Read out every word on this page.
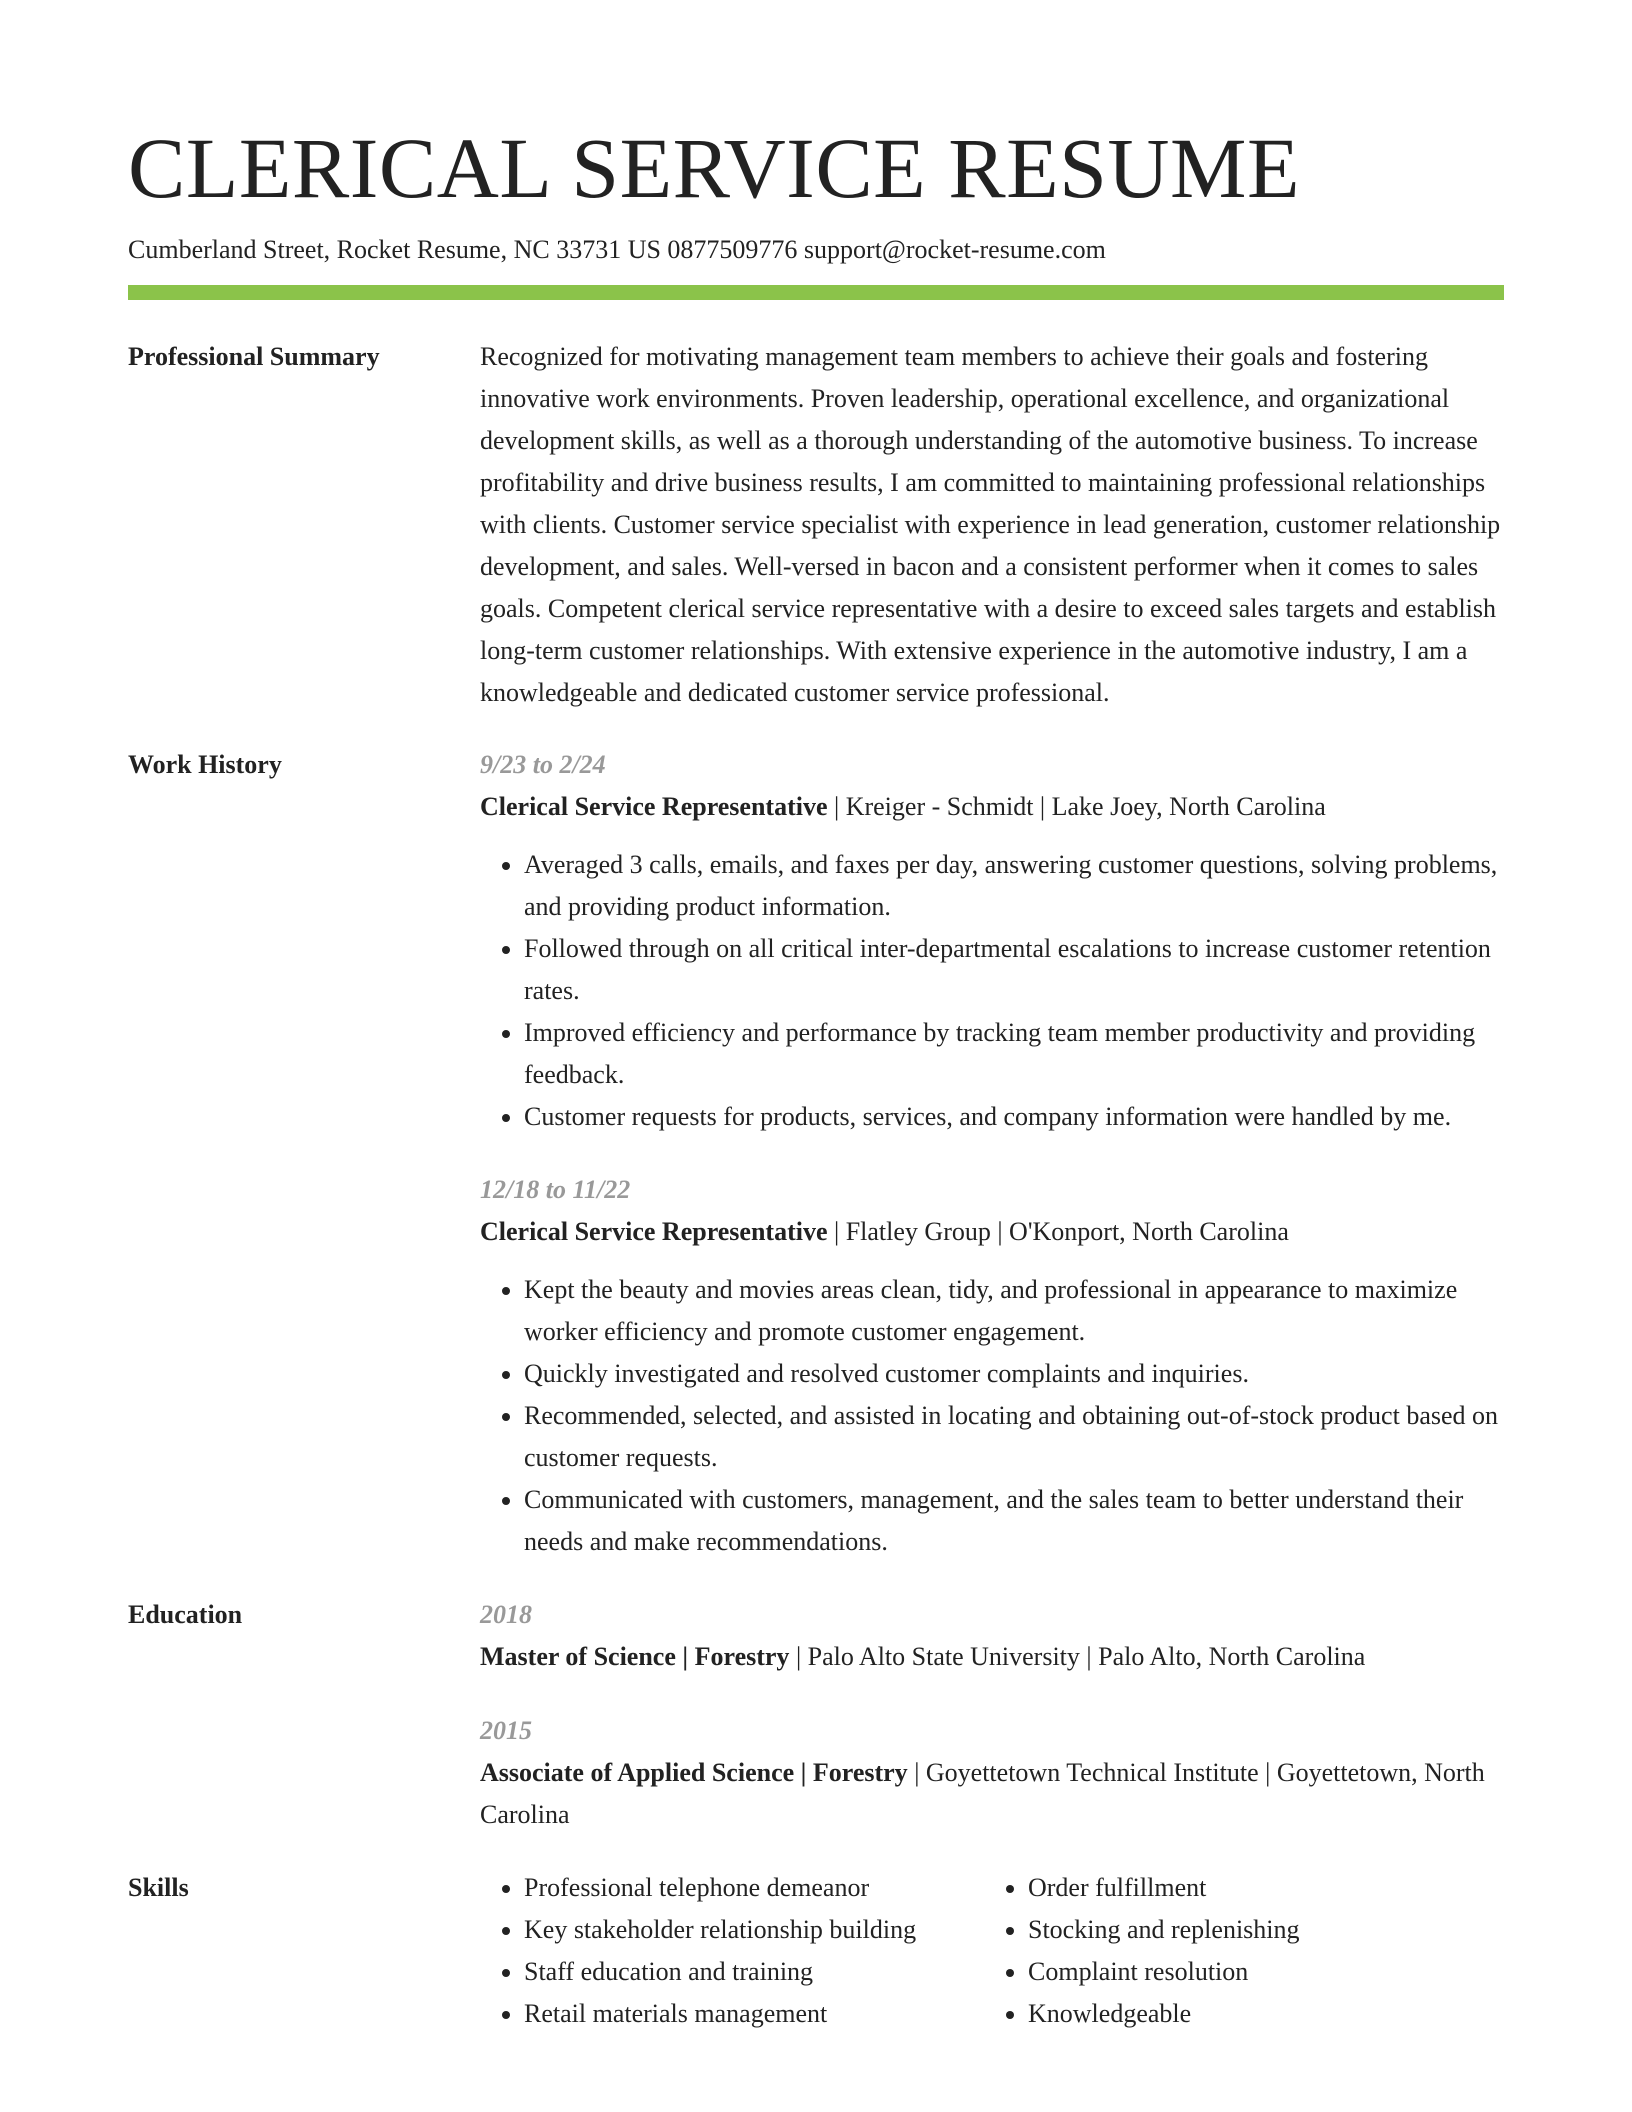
CLERICAL SERVICE RESUME
Cumberland Street, Rocket Resume, NC 33731 US 0877509776 support@rocket-resume.com
Professional Summary	Recognized for motivating management team members to achieve their goals and fostering innovative work environments. Proven leadership, operational excellence, and organizational development skills, as well as a thorough understanding of the automotive business. To increase profitability and drive business results, I am committed to maintaining professional relationships with clients. Customer service specialist with experience in lead generation, customer relationship development, and sales. Well-versed in bacon and a consistent performer when it comes to sales goals. Competent clerical service representative with a desire to exceed sales targets and establish long-term customer relationships. With extensive experience in the automotive industry, I am a knowledgeable and dedicated customer service professional.

Work History	9/23 to 2/24
Clerical Service Representative | Kreiger - Schmidt | Lake Joey, North Carolina
• Averaged 3 calls, emails, and faxes per day, answering customer questions, solving problems, and providing product information.
• Followed through on all critical inter-departmental escalations to increase customer retention rates.
• Improved efficiency and performance by tracking team member productivity and providing feedback.
• Customer requests for products, services, and company information were handled by me.
12/18 to 11/22
Clerical Service Representative | Flatley Group | O'Konport, North Carolina
• Kept the beauty and movies areas clean, tidy, and professional in appearance to maximize worker efficiency and promote customer engagement.
• Quickly investigated and resolved customer complaints and inquiries.
• Recommended, selected, and assisted in locating and obtaining out-of-stock product based on customer requests.
• Communicated with customers, management, and the sales team to better understand their needs and make recommendations.
Education	2018
Master of Science | Forestry | Palo Alto State University | Palo Alto, North Carolina
2015
Associate of Applied Science | Forestry | Goyettetown Technical Institute | Goyettetown, North Carolina
Skills
•	Professional telephone demeanor
• Key stakeholder relationship building
• Staff education and training
• Retail materials management
• Order fulfillment
• Stocking and replenishing
• Complaint resolution
• Knowledgeable
